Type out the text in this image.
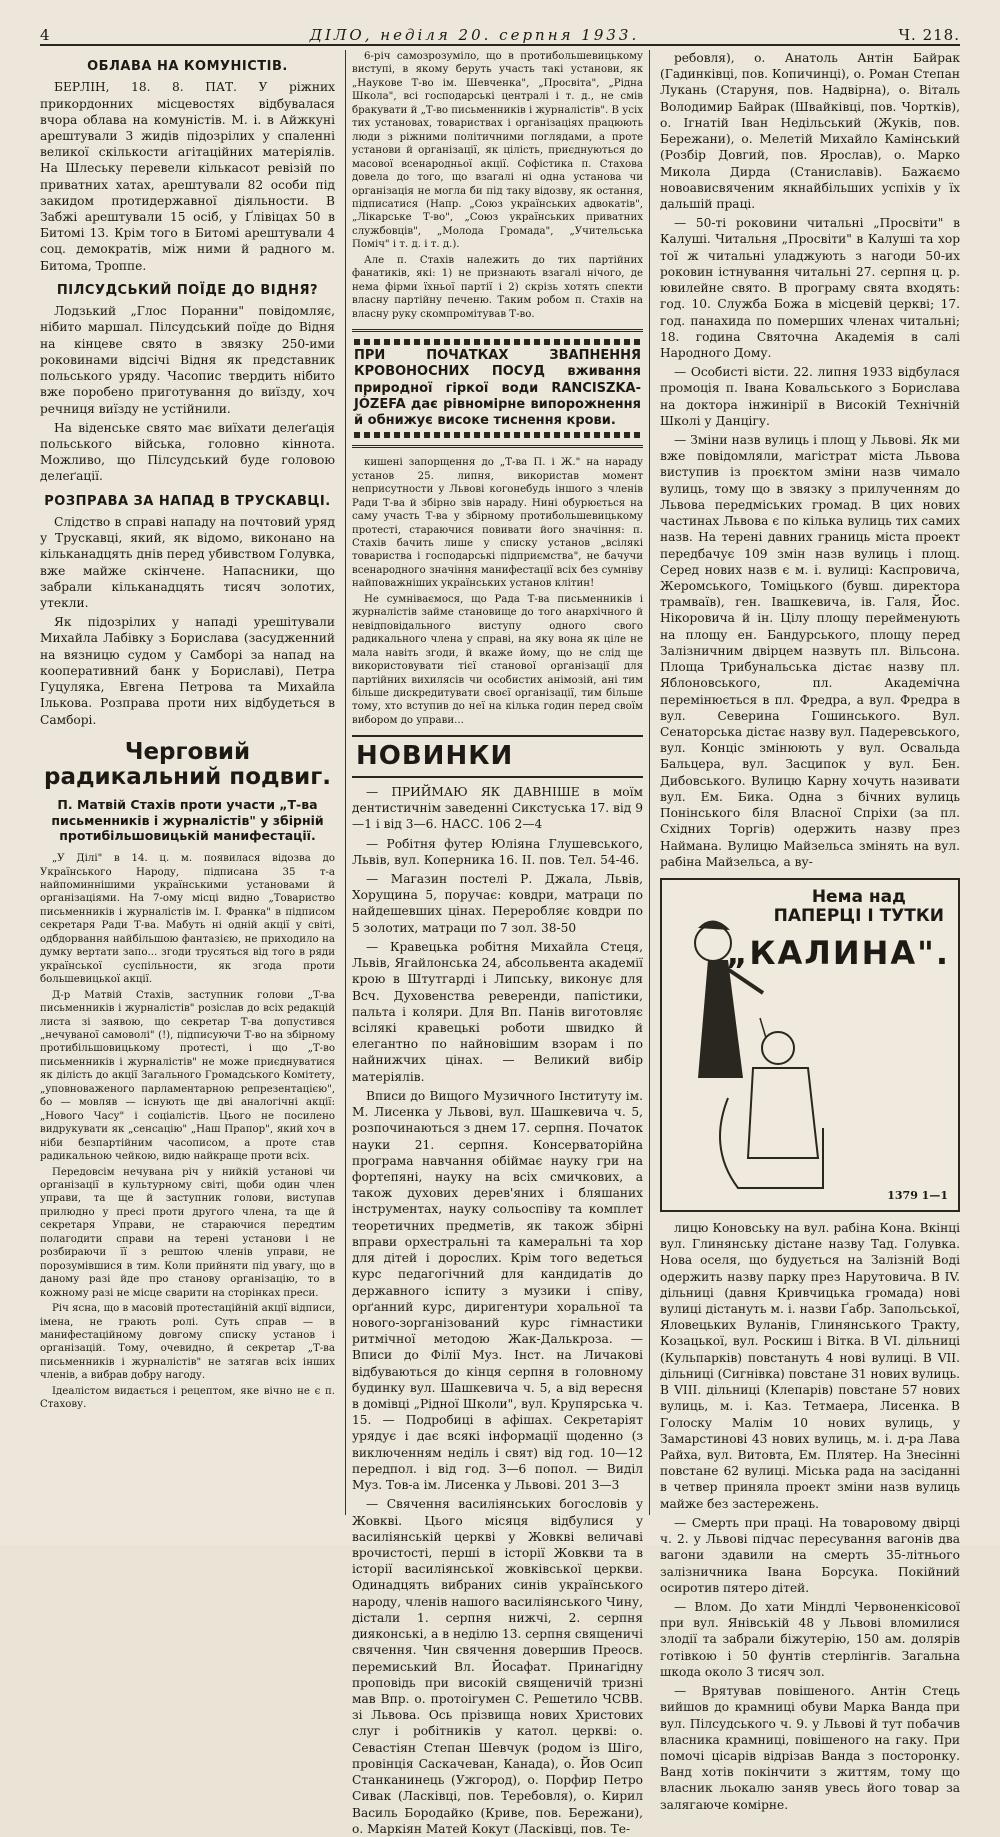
4	ДІЛО, неділя 20. серпня 1933.	Ч. 218.
ОБЛАВА НА КОМУНІСТІВ.

БЕРЛІН, 18. 8. ПАТ. У ріжних прикордонних місцевостях відбувалася вчора облава на комуністів. М. і. в Айжкуні арештували 3 жидів підозрілих у спаленні великої скількости агітаційних матеріялів. На Шлеську перевели кількасот ревізій по приватних хатах, арештували 82 особи під закидом протидержавної діяльности. В Забжі арештували 15 осіб, у Ґлівіцах 50 в Битомі 13. Крім того в Битомі арештували 4 соц. демократів, між ними й радного м. Битома, Троппе.

ПІЛСУДСЬКИЙ ПОЇДЕ ДО ВІДНЯ?

Лодзький „Глос Поранни" повідомляє, нібито маршал. Пілсудський поїде до Відня на кінцеве свято в звязку 250-ими роковинами відсічі Відня як представник польського уряду. Часопис твердить нібито вже поробено приготування до виїзду, хоч речниця виїзду не устійнили.

На віденське свято має виїхати делеґація польського війська, головно кіннота. Можливо, що Пілсудський буде головою делеґації.

РОЗПРАВА ЗА НАПАД В ТРУСКАВЦІ.

Слідство в справі нападу на почтовий уряд у Трускавці, який, як відомо, виконано на кільканадцять днів перед убивством Голувка, вже майже скінчене. Напасники, що забрали кільканадцять тисяч золотих, утекли.

Як підозрілих у нападі урешітували Михайла Лабівку з Борислава (засудженний на вязницю судом у Самборі за напад на кооперативний банк у Бориславі), Петра Гуцуляка, Евгена Петрова та Михайла Ількова. Розправа проти них відбудеться в Самборі.

Черговий радикальний подвиг.
П. Матвій Стахів проти участи „Т-ва письменників і журналістів" у збірній протибільшовицькій манифестації.

„У Ділі" в 14. ц. м. появилася відозва до Українського Народу, підписана 35 т-а найпоминнішими українськими установами й організаціями. На 7-ому місці видно „Товариство письменників і журналістів ім. І. Франка" в підписом секретаря Ради Т-ва. Мабуть ні одній акції у світі, одбдорвання найбільшою фантазією, не приходило на думку вертати запо... згоди трусяться від того в ряди української суспільности, як згода проти большевицької акції.

Д-р Матвій Стахів, заступник голови „Т-ва письменників і журналістів" розіслав до всіх редакцій листа зі заявою, що секретар Т-ва допустився „нечуваної самоволі" (!), підписуючи Т-во на збірному протибільшовицькому протесті, і що „Т-во письменників і журналістів" не може приєднуватися як ділість до акції Загального Громадського Комітету, „уповноваженого парламентарною репрезентацією", бо — мовляв — існують ще дві аналогічні акції: „Нового Часу" і соціалістів. Цього не посилено видрукувати як „сенсацію" „Наш Прапор", який хоч в ніби безпартійним часописом, а проте став радикальною чейкою, видю найкраще проти всіх.

Передовсім нечувана річ у нийкій установі чи організації в культурному світі, щоби один член управи, та ще й заступник голови, виступав прилюдно у пресі проти другого члена, та ще й секретаря Управи, не стараючися передтим полагодити справи на терені установи і не розбираючи її з рештою членів управи, не порозумівшися в тим. Коли прийняти під увагу, що в даному разі йде про станову організацію, то в кожному разі не місце сварити на сторінках преси.

Річ ясна, що в масовій протестаційній акції відписи, імена, не грають ролі. Суть справ — в манифестаційному довгому списку установ і організацій. Тому, очевидно, й секретар „Т-ва письменників і журналістів" не затягав всіх інших членів, а вибрав добру нагоду.

Ідеалістом видається і рецептом, яке вічно не є п. Стахову.

6-річ самозрозуміло, що в протибольшевицькому виступі, в якому беруть участь такі установи, як „Наукове Т-во ім. Шевченка", „Просвіта", „Рідна Школа", всі господарські централі і т. д., не смів бракувати й „Т-во письменників і журналістів". В усіх тих установах, товариствах і організаціях працюють люди з ріжними політичними поглядами, а проте установи й організації, як цілість, приєднуються до масової всенародньої акції. Софістика п. Стахова довела до того, що взагалі ні одна установа чи організація не могла би під таку відозву, як остання, підписатися (Напр. „Союз українських адвокатів", „Лікарське Т-во", „Союз українських приватних службовців", „Молода Громада", „Учительська Поміч" і т. д. і т. д.).

Але п. Стахів належить до тих партійних фанатиків, які: 1) не признають взагалі нічого, де нема фірми їхньої партії і 2) скрізь хотять спекти власну партійну печеню. Таким робом п. Стахів на власну руку скомпромітував Т-во.

ПРИ ПОЧАТКАХ ЗВАПНЕННЯ КРОВОНОСНИХ ПОСУД вживання природної гіркої води RANCISZKA-JÓZEFA дає рівномірне випорожнення й обнижує високе тиснення крови.

кишені запорщення до „Т-ва П. і Ж." на нараду установ 25. липня, використав момент неприсутности у Львові когонебудь іншого з членів Ради Т-ва й збірно звів нараду. Нині обурюється на саму участь Т-ва у збірному протибольшевицькому протесті, стараючися повивати його значіння: п. Стахів бачить лише у списку установ „всілякі товариства і господарські підприємства", не бачучи всенародного значіння манифестації всіх без сумніву найповажніших українських установ клітин!

Не сумніваємося, що Рада Т-ва письменників і журналістів займе становище до того анархічного й невідповідального виступу одного свого радикального члена у справі, на яку вона як ціле не мала навіть згоди, й вкаже йому, що не слід ще використовувати тієї станової організації для партійних вихилясів чи особистих анімозій, ані тим більше дискредитувати своєї організації, тим більше тому, хто вступив до неї на кілька годин перед своїм вибором до управи...

НОВИНКИ

— ПРИЙМАЮ ЯК ДАВНІШЕ в моїм дентистичнім заведенні Сикстуська 17. від 9—1 і від 3—6. НАСС. 106 2—4

— Робітня футер Юліяна Глушевського, Львів, вул. Коперника 16. II. пов. Тел. 54-46.

— Магазин постелі Р. Джала, Львів, Хорущина 5, поручає: ковдри, матраци по найдешевших цінах. Переробляє ковдри по 5 золотих, матраци по 7 зол. 38-50

— Кравецька робітня Михайла Стеця, Львів, Ягайлонська 24, абсольвента академії крою в Штутгарді і Липську, виконує для Всч. Духовенства реверенди, папістики, пальта і коляри. Для Вп. Панів виготовляє всілякі кравецькі роботи швидко й елегантно по найновішим взорам і по найнижчих цінах. — Великий вибір матеріялів.

Вписи до Вищого Музичного Інституту ім. М. Лисенка у Львові, вул. Шашкевича ч. 5, розпочинаються з днем 17. серпня. Початок науки 21. серпня. Консерваторійна програма навчання обіймає науку гри на фортепяні, науку на всіх смичкових, а також духових дерев'яних і бляшаних інструментах, науку сольоспіву та комплет теоретичних предметів, як також збірні вправи орхестральні та камеральні та хор для дітей і дорослих. Крім того ведеться курс педагогічний для кандидатів до державного іспиту з музики і співу, орґанний курс, диригентури хоральної та нового-зорганізований курс гімнастики ритмічної методою Жак-Далькроза. — Вписи до Філії Муз. Інст. на Личакові відбуваються до кінця серпня в головному будинку вул. Шашкевича ч. 5, а від вересня в домівці „Рідної Школи", вул. Крупярська ч. 15. — Подробиці в афішах. Секретаріят урядує і дає всякі інформації щоденно (з виключенням неділь і свят) від год. 10—12 передпол. і від год. 3—6 попол. — Виділ Муз. Тов-а ім. Лисенка у Львові. 201 3—3

— Свячення василіянських богословів у Жовкві. Цього місяця відбулися у василіянській церкві у Жовкві величаві врочистості, перші в історії Жовкви та в історії василіянської жовківської церкви. Одинадцять вибраних синів українського народу, членів нашого василіянського Чину, дістали 1. серпня нижчі, 2. серпня дияконські, а в неділю 13. серпня священичі свячення. Чин свячення довершив Преосв. перемиський Вл. Йосафат. Принагідну проповідь при високій священичій тризні мав Впр. о. протоігумен С. Решетило ЧСВВ. зі Львова. Ось прізвища нових Христових слуг і робітників у катол. церкві: о. Севастіян Степан Шевчук (родом із Шіго, провінція Саскачеван, Канада), о. Йов Осип Станканинець (Ужгород), о. Порфир Петро Сивак (Ласківці, пов. Теребовля), о. Кирил Василь Бородайко (Криве, пов. Бережани), о. Маркіян Матей Кокут (Ласківці, пов. Те-

ребовля), о. Анатоль Антін Байрак (Гадинківці, пов. Копичинці), о. Роман Степан Лукань (Старуня, пов. Надвірна), о. Віталь Володимир Байрак (Швайківці, пов. Чортків), о. Ігнатій Іван Недільський (Жуків, пов. Бережани), о. Мелетій Михайло Камінський (Розбір Довгий, пов. Ярослав), о. Марко Микола Дирда (Станиславів). Бажаємо новоависвяченим якнайбільших успіхів у їх дальшій праці.

— 50-ті роковини читальні „Просвіти" в Калуші. Читальня „Просвіти" в Калуші та хор тої ж читальні уладжують з нагоди 50-их роковин істнування читальні 27. серпня ц. р. ювилейне свято. В програму свята входять: год. 10. Служба Божа в місцевій церкві; 17. год. панахида по померших членах читальні; 18. година Святочна Академія в салі Народного Дому.

— Особисті вісти. 22. липня 1933 відбулася промоція п. Івана Ковальського з Борислава на доктора інжинірії в Високій Технічній Школі у Данцігу.

— Зміни назв вулиць і площ у Львові. Як ми вже повідомляли, магістрат міста Львова виступив із проєктом зміни назв чимало вулиць, тому що в звязку з прилученням до Львова передміських громад. В цих нових частинах Львова є по кілька вулиць тих самих назв. На терені давних границь міста проект передбачує 109 змін назв вулиць і площ. Серед нових назв є м. і. вулиці: Каспровича, Жеромського, Томіцького (бувш. директора трамваїв), ген. Івашкевича, ів. Галя, Йос. Нікоровича й ін. Цілу площу перейменують на площу ен. Бандурського, площу перед Залізничним двірцем назвуть пл. Вільсона. Площа Трибунальська дістає назву пл. Яблоновського, пл. Академічна перемінюється в пл. Фредра, а вул. Фредра в вул. Северина Гошинського. Вул. Сенаторська дістає назву вул. Падеревського, вул. Конціс змінюють у вул. Освальда Бальцера, вул. Засципок у вул. Бен. Дибовського. Вулицю Карну хочуть називати вул. Ем. Бика. Одна з бічних вулиць Понінського біля Власної Спріхи (за пл. Східних Торгів) одержить назву през Наймана. Вулицю Майзельса змінять на вул. рабіна Майзельса, а ву-

Нема над
ПАПЕРЦІ І ТУТКИ
„КАЛИНА".
1379 1—1

лицю Коновську на вул. рабіна Кона. Вкінці вул. Глинянську дістане назву Тад. Голувка. Нова оселя, що будується на Залізній Воді одержить назву парку през Нарутовича. В IV. дільниці (давня Кривчицька громада) нові вулиці дістануть м. і. назви Ґабр. Запольської, Яловецьких Вуланів, Глинянського Тракту, Козацької, вул. Роскиш і Вітка. В VI. дільниці (Кульпарків) повстануть 4 нові вулиці. В VII. дільниці (Сигнівка) повстане 31 нових вулиць. В VIII. дільниці (Клепарів) повстане 57 нових вулиць, м. і. Каз. Тетмаера, Лисенка. В Голоску Малім 10 нових вулиць, у Замарстинові 43 нових вулиць, м. і. д-ра Лава Райха, вул. Витовта, Ем. Плятер. На Знесінні повстане 62 вулиці. Міська рада на засіданні в четвер приняла проект зміни назв вулиць майже без застережень.

— Смерть при праці. На товаровому двірці ч. 2. у Львові підчас пересування вагонів два вагони здавили на смерть 35-літнього залізничника Івана Борсука. Покійний осиротив пятеро дітей.

— Влом. До хати Міндлі Червоненкісової при вул. Янівській 48 у Львові вломилися злодії та забрали біжутерію, 150 ам. долярів готівкою і 50 фунтів стерлінгів. Загальна шкода около 3 тисяч зол.

— Врятував повішеного. Антін Стець вийшов до крамниці обуви Марка Ванда при вул. Пілсудського ч. 9. у Львові й тут побачив власника крамниці, повішеного на гаку. При помочі цісарів відрізав Ванда з посторонку. Ванд хотів покінчити з життям, тому що власник льокалю заняв увесь його товар за залягаюче комірне.
